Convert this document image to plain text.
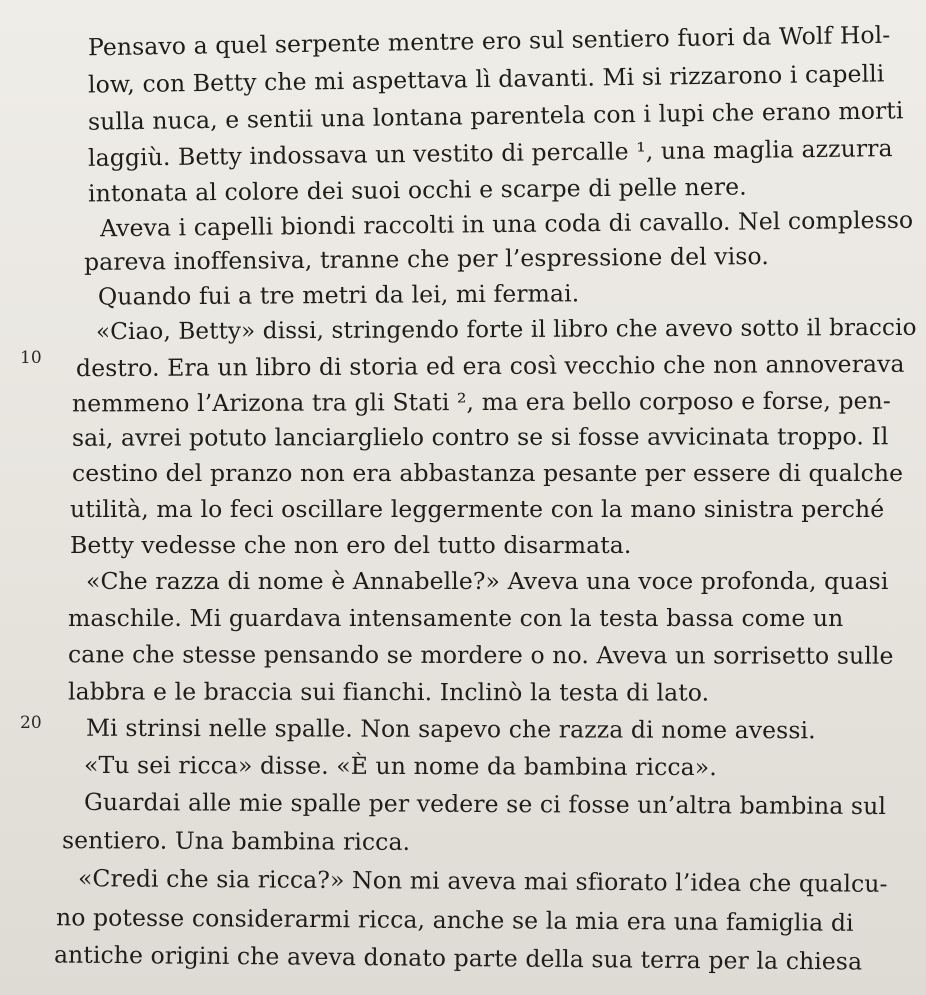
10
20
Pensavo a quel serpente mentre ero sul sentiero fuori da Wolf Hol-
low, con Betty che mi aspettava lì davanti. Mi si rizzarono i capelli
sulla nuca, e sentii una lontana parentela con i lupi che erano morti
laggiù. Betty indossava un vestito di percalle ¹, una maglia azzurra
intonata al colore dei suoi occhi e scarpe di pelle nere.
Aveva i capelli biondi raccolti in una coda di cavallo. Nel complesso
pareva inoffensiva, tranne che per l’espressione del viso.
Quando fui a tre metri da lei, mi fermai.
«Ciao, Betty» dissi, stringendo forte il libro che avevo sotto il braccio
destro. Era un libro di storia ed era così vecchio che non annoverava
nemmeno l’Arizona tra gli Stati ², ma era bello corposo e forse, pen-
sai, avrei potuto lanciarglielo contro se si fosse avvicinata troppo. Il
cestino del pranzo non era abbastanza pesante per essere di qualche
utilità, ma lo feci oscillare leggermente con la mano sinistra perché
Betty vedesse che non ero del tutto disarmata.
«Che razza di nome è Annabelle?» Aveva una voce profonda, quasi
maschile. Mi guardava intensamente con la testa bassa come un
cane che stesse pensando se mordere o no. Aveva un sorrisetto sulle
labbra e le braccia sui fianchi. Inclinò la testa di lato.
Mi strinsi nelle spalle. Non sapevo che razza di nome avessi.
«Tu sei ricca» disse. «È un nome da bambina ricca».
Guardai alle mie spalle per vedere se ci fosse un’altra bambina sul
sentiero. Una bambina ricca.
«Credi che sia ricca?» Non mi aveva mai sfiorato l’idea che qualcu-
no potesse considerarmi ricca, anche se la mia era una famiglia di
antiche origini che aveva donato parte della sua terra per la chiesa
